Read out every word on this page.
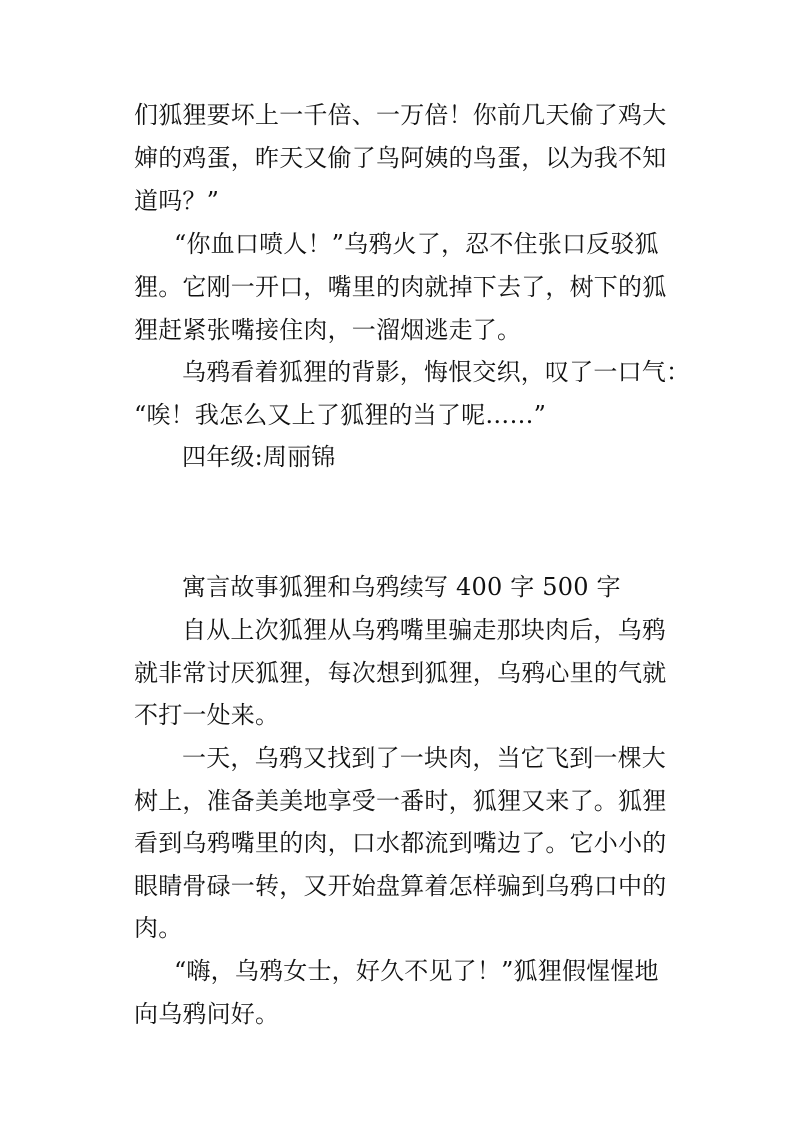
们狐狸要坏上一千倍、一万倍！你前几天偷了鸡大
婶的鸡蛋，昨天又偷了鸟阿姨的鸟蛋，以为我不知
道吗？”
“你血口喷人！”乌鸦火了，忍不住张口反驳狐
狸。它刚一开口，嘴里的肉就掉下去了，树下的狐
狸赶紧张嘴接住肉，一溜烟逃走了。
乌鸦看着狐狸的背影，悔恨交织，叹了一口气：
“唉！我怎么又上了狐狸的当了呢……”
四年级:周丽锦
寓言故事狐狸和乌鸦续写 400 字 500 字
自从上次狐狸从乌鸦嘴里骗走那块肉后，乌鸦
就非常讨厌狐狸，每次想到狐狸，乌鸦心里的气就
不打一处来。
一天，乌鸦又找到了一块肉，当它飞到一棵大
树上，准备美美地享受一番时，狐狸又来了。狐狸
看到乌鸦嘴里的肉，口水都流到嘴边了。它小小的
眼睛骨碌一转，又开始盘算着怎样骗到乌鸦口中的
肉。
“嗨，乌鸦女士，好久不见了！”狐狸假惺惺地
向乌鸦问好。
